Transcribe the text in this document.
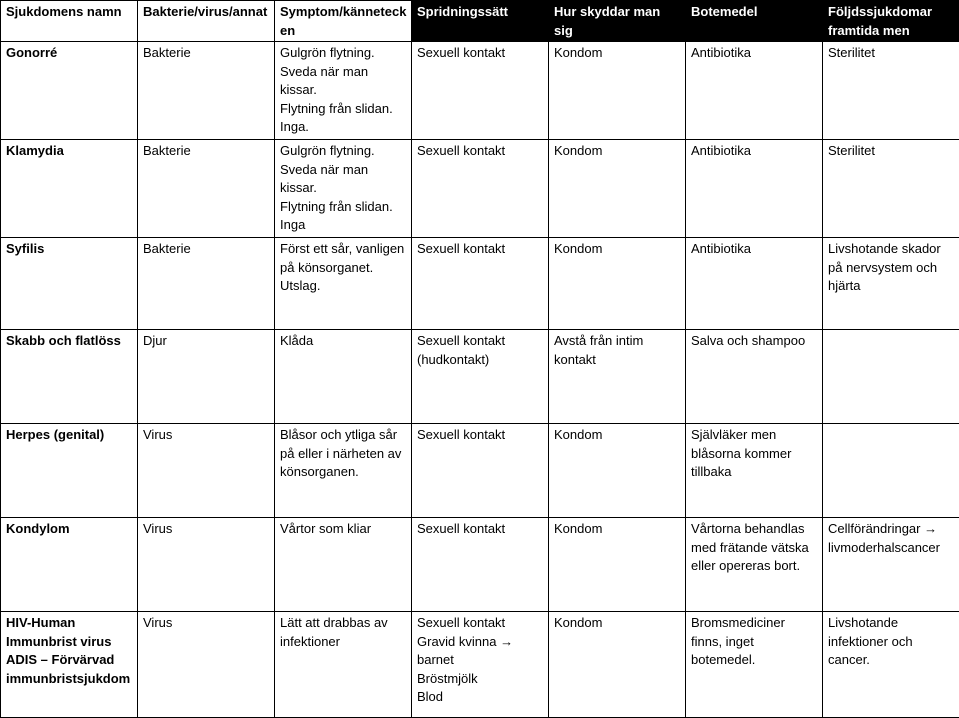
Sjukdomens namn	Bakterie/virus/annat	Symptom/kännetecken	Spridningssätt	Hur skyddar man sig	Botemedel	Följdssjukdomar framtida men

Gonorré	Bakterie	Gulgrön flytning.
Sveda när man kissar.
Flytning från slidan.
Inga.	Sexuell kontakt	Kondom	Antibiotika	Sterilitet

Klamydia	Bakterie	Gulgrön flytning.
Sveda när man kissar.
Flytning från slidan.
Inga	Sexuell kontakt	Kondom	Antibiotika	Sterilitet

Syfilis	Bakterie	Först ett sår, vanligen på könsorganet.
Utslag.	Sexuell kontakt	Kondom	Antibiotika	Livshotande skador på nervsystem och hjärta

Skabb och flatlöss	Djur	Klåda	Sexuell kontakt (hudkontakt)	Avstå från intim kontakt	Salva och shampoo	

Herpes (genital)	Virus	Blåsor och ytliga sår på eller i närheten av könsorganen.	Sexuell kontakt	Kondom	Självläker men blåsorna kommer tillbaka	

Kondylom	Virus	Vårtor som kliar	Sexuell kontakt	Kondom	Vårtorna behandlas med frätande vätska eller opereras bort.	Cellförändringar → livmoderhalscancer

HIV-Human Immunbrist virus
ADIS – Förvärvad immunbristsjukdom	Virus	Lätt att drabbas av infektioner	Sexuell kontakt
Gravid kvinna → barnet
Bröstmjölk
Blod	Kondom	Bromsmediciner finns, inget botemedel.	Livshotande infektioner och cancer.
